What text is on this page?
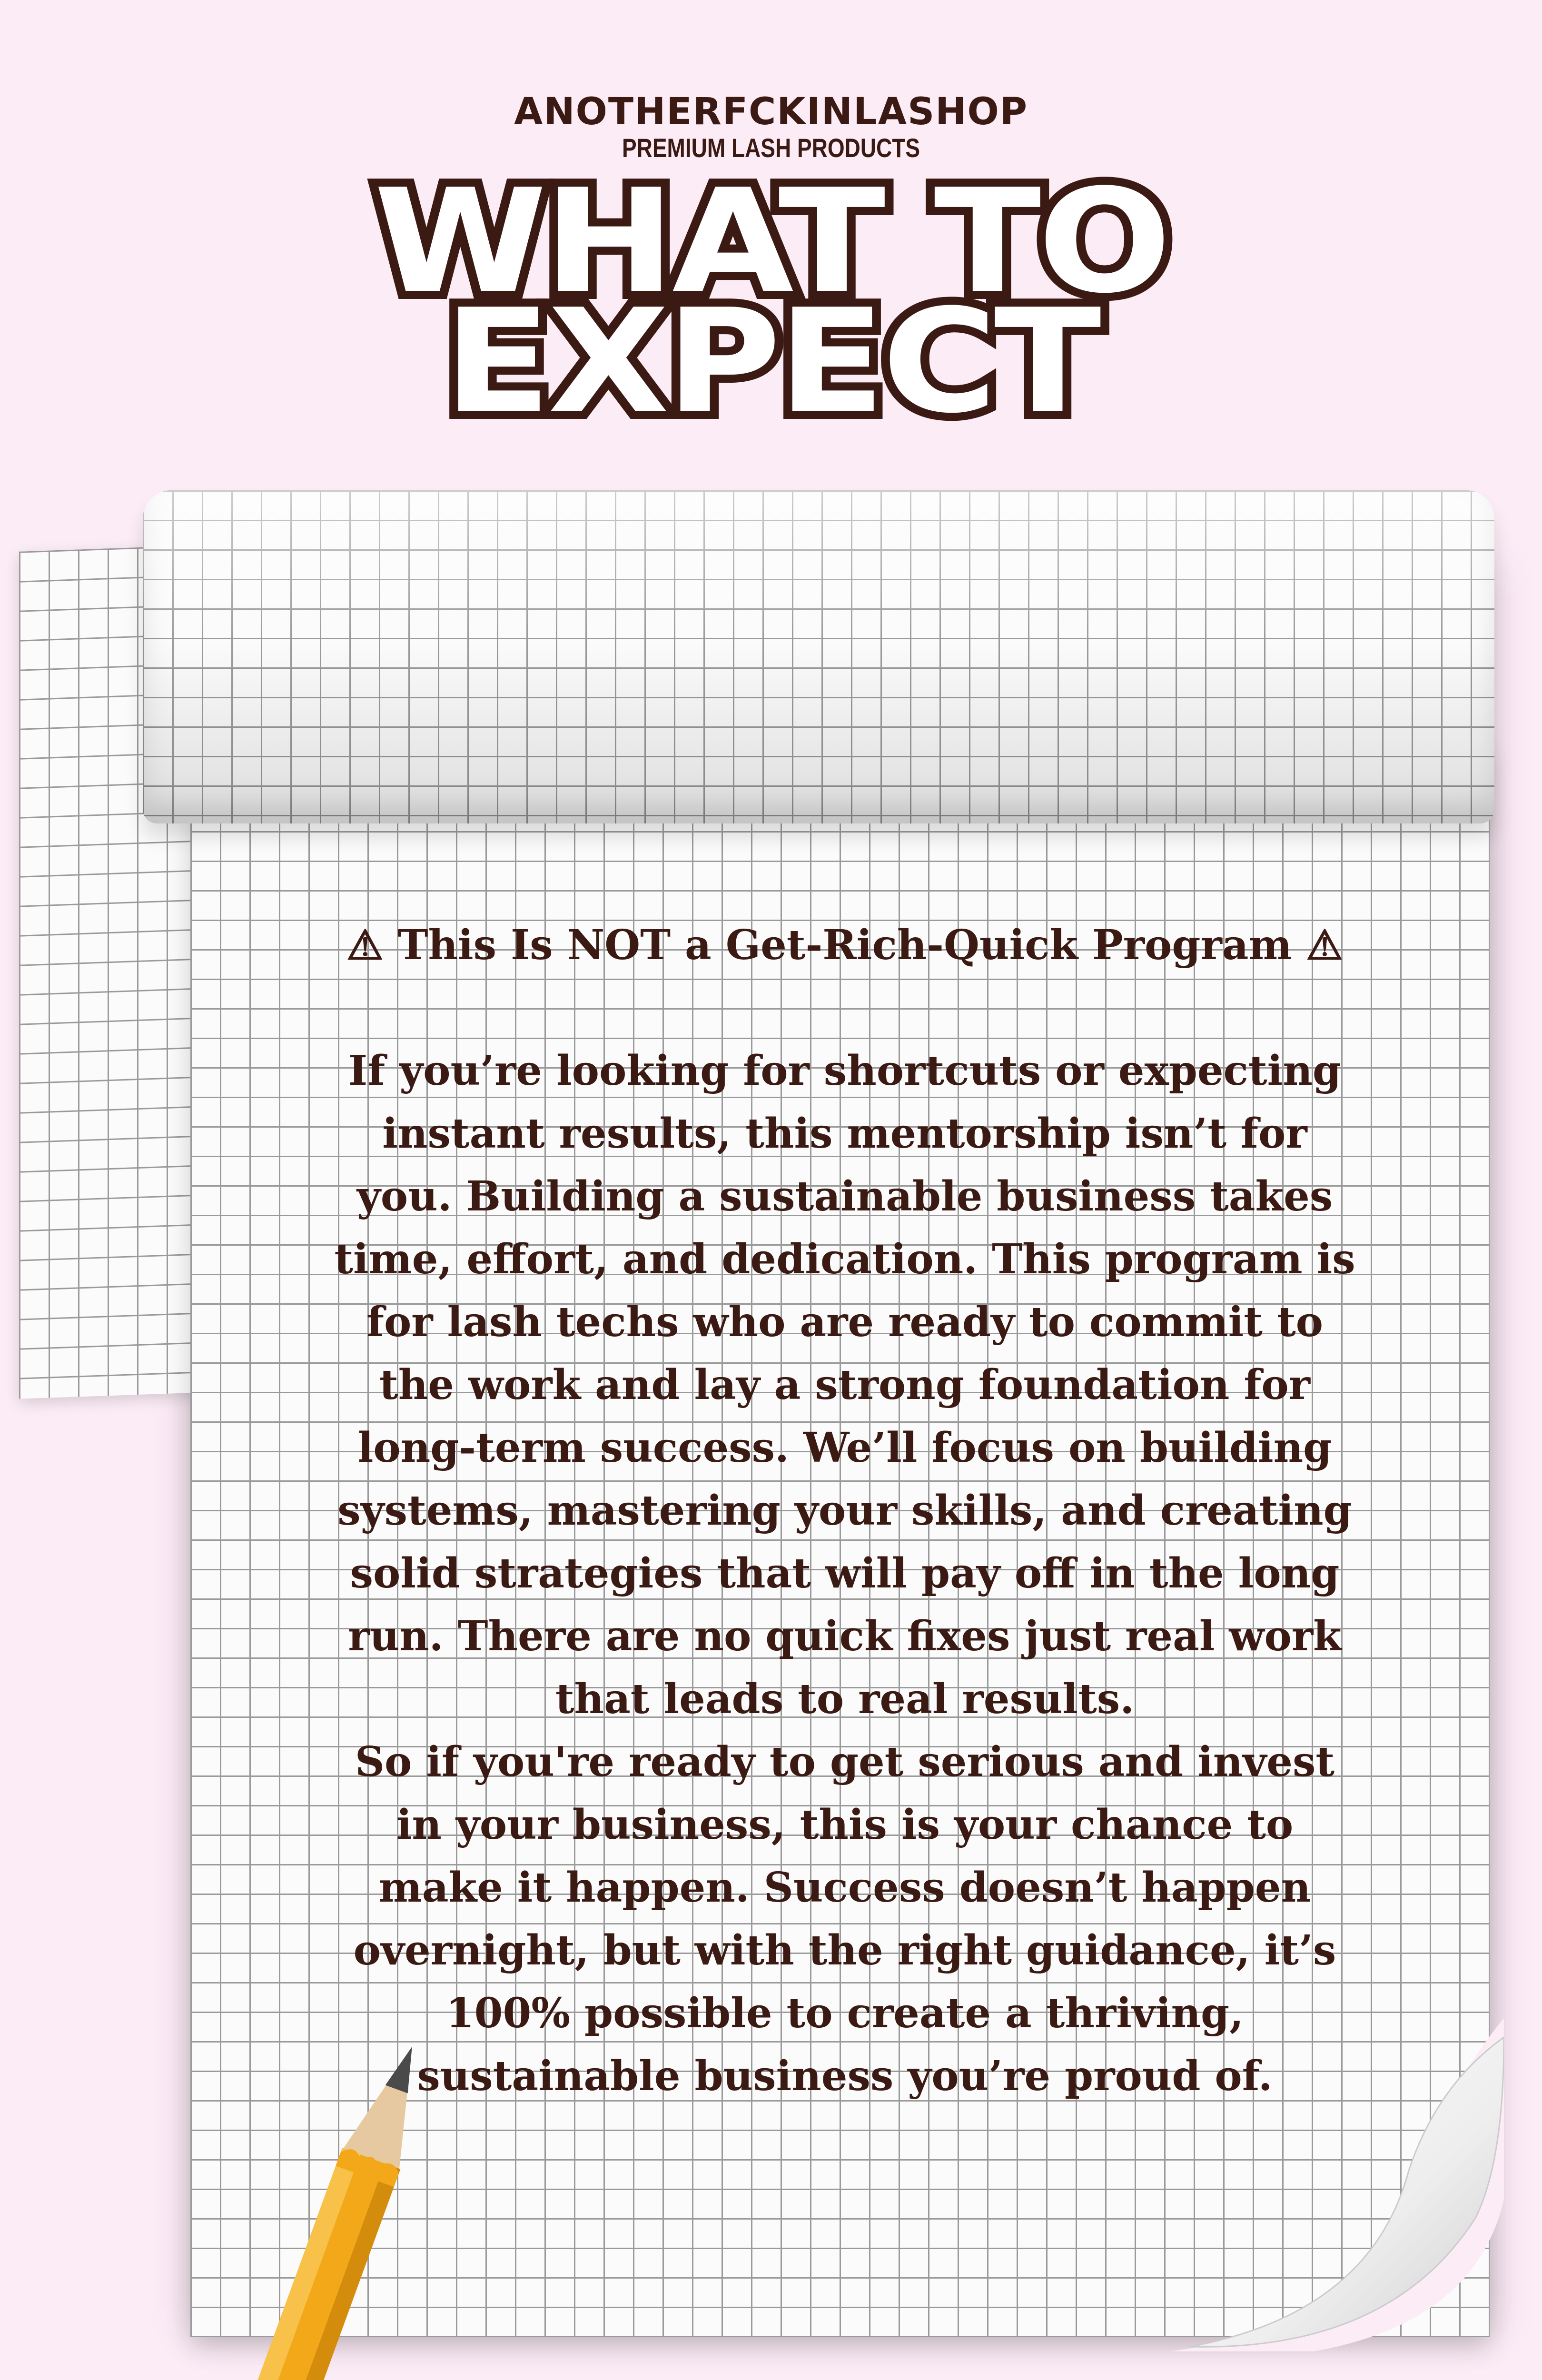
ANOTHERFCKINLASHOP
PREMIUM LASH PRODUCTS
WHAT TO
EXPECT
⚠ This Is NOT a Get-Rich-Quick Program ⚠
If you’re looking for shortcuts or expecting instant results, this mentorship isn’t for you. Building a sustainable business takes time, effort, and dedication. This program is for lash techs who are ready to commit to the work and lay a strong foundation for long-term success. We’ll focus on building systems, mastering your skills, and creating solid strategies that will pay off in the long run. There are no quick fixes just real work that leads to real results.
So if you're ready to get serious and invest in your business, this is your chance to make it happen. Success doesn’t happen overnight, but with the right guidance, it’s 100% possible to create a thriving, sustainable business you’re proud of.
